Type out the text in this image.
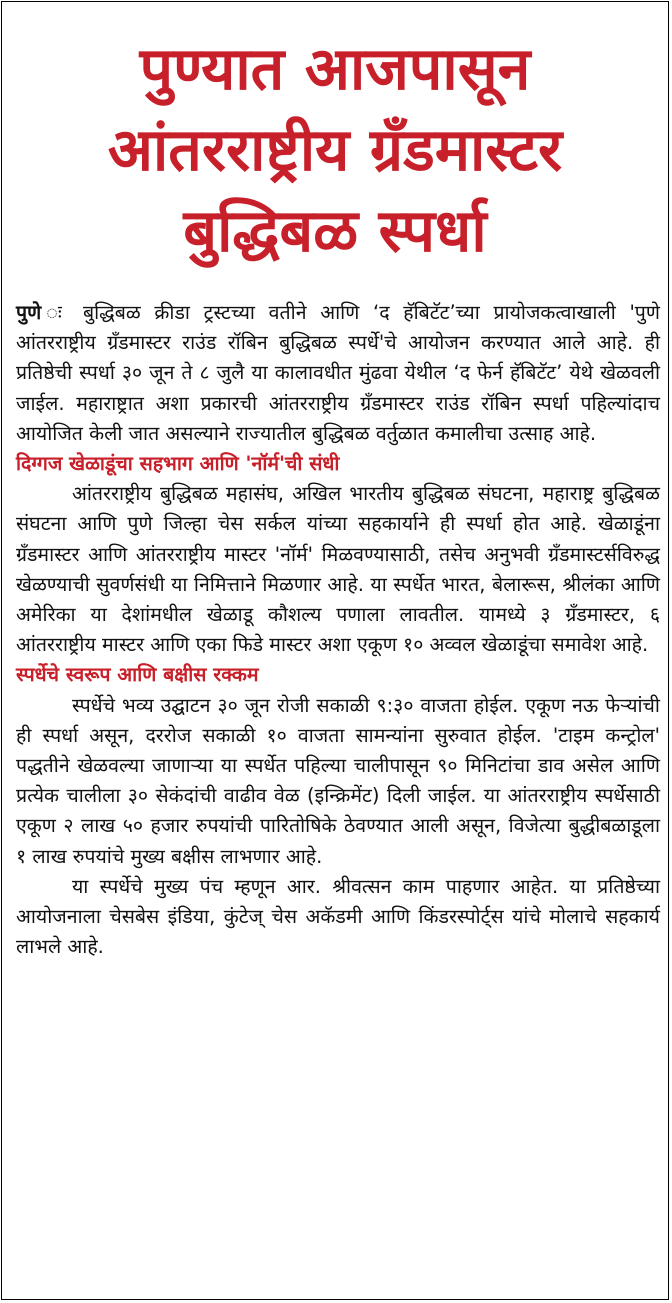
पुण्यात आजपासून
आंतरराष्ट्रीय ग्रँडमास्टर
बुद्धिबळ स्पर्धा

पुणे ः बुद्धिबळ क्रीडा ट्रस्टच्या वतीने आणि ‘द हॅबिटॅट’च्या प्रायोजकत्वाखाली 'पुणे आंतरराष्ट्रीय ग्रँडमास्टर राउंड रॉबिन बुद्धिबळ स्पर्धे'चे आयोजन करण्यात आले आहे. ही प्रतिष्ठेची स्पर्धा ३० जून ते ८ जुलै या कालावधीत मुंढवा येथील ‘द फेर्न हॅबिटॅट’ येथे खेळवली जाईल. महाराष्ट्रात अशा प्रकारची आंतरराष्ट्रीय ग्रँडमास्टर राउंड रॉबिन स्पर्धा पहिल्यांदाच आयोजित केली जात असल्याने राज्यातील बुद्धिबळ वर्तुळात कमालीचा उत्साह आहे.

दिग्गज खेळाडूंचा सहभाग आणि 'नॉर्म'ची संधी

आंतरराष्ट्रीय बुद्धिबळ महासंघ, अखिल भारतीय बुद्धिबळ संघटना, महाराष्ट्र बुद्धिबळ संघटना आणि पुणे जिल्हा चेस सर्कल यांच्या सहकार्याने ही स्पर्धा होत आहे. खेळाडूंना ग्रँडमास्टर आणि आंतरराष्ट्रीय मास्टर 'नॉर्म' मिळवण्यासाठी, तसेच अनुभवी ग्रँडमास्टर्सविरुद्ध खेळण्याची सुवर्णसंधी या निमित्ताने मिळणार आहे. या स्पर्धेत भारत, बेलारूस, श्रीलंका आणि अमेरिका या देशांमधील खेळाडू कौशल्य पणाला लावतील. यामध्ये ३ ग्रँडमास्टर, ६ आंतरराष्ट्रीय मास्टर आणि एका फिडे मास्टर अशा एकूण १० अव्वल खेळाडूंचा समावेश आहे.

स्पर्धेचे स्वरूप आणि बक्षीस रक्कम

स्पर्धेचे भव्य उद्घाटन ३० जून रोजी सकाळी ९:३० वाजता होईल. एकूण नऊ फेऱ्यांची ही स्पर्धा असून, दररोज सकाळी १० वाजता सामन्यांना सुरुवात होईल. 'टाइम कन्ट्रोल' पद्धतीने खेळवल्या जाणाऱ्या या स्पर्धेत पहिल्या चालीपासून ९० मिनिटांचा डाव असेल आणि प्रत्येक चालीला ३० सेकंदांची वाढीव वेळ (इन्क्रिमेंट) दिली जाईल. या आंतरराष्ट्रीय स्पर्धेसाठी एकूण २ लाख ५० हजार रुपयांची पारितोषिके ठेवण्यात आली असून, विजेत्या बुद्धीबळाडूला १ लाख रुपयांचे मुख्य बक्षीस लाभणार आहे.

या स्पर्धेचे मुख्य पंच म्हणून आर. श्रीवत्सन काम पाहणार आहेत. या प्रतिष्ठेच्या आयोजनाला चेसबेस इंडिया, कुंटेज् चेस अकॅडमी आणि किंडरस्पोर्ट्स यांचे मोलाचे सहकार्य लाभले आहे.
